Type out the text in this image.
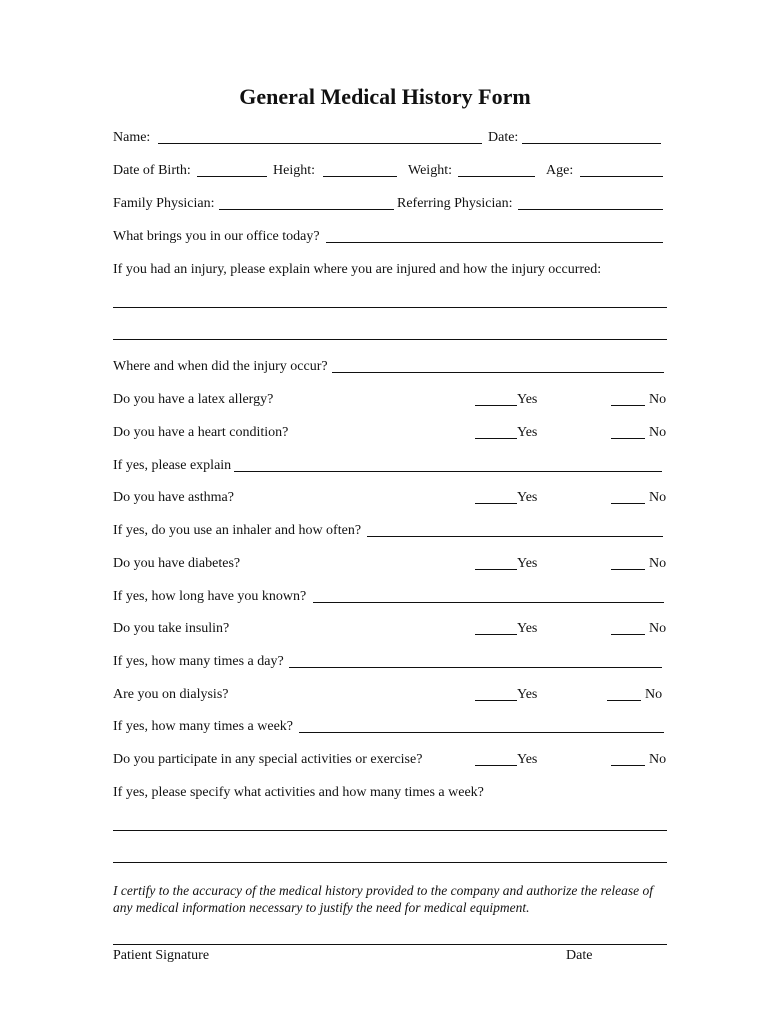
General Medical History Form
Name:	Date:
Date of Birth:	Height:	Weight:	Age:
Family Physician:	Referring Physician:
What brings you in our office today?
If you had an injury, please explain where you are injured and how the injury occurred:
Where and when did the injury occur?
Do you have a latex allergy?	Yes	No
Do you have a heart condition?	Yes	No
If yes, please explain
Do you have asthma?	Yes	No
If yes, do you use an inhaler and how often?
Do you have diabetes?	Yes	No
If yes, how long have you known?
Do you take insulin?	Yes	No
If yes, how many times a day?
Are you on dialysis?	Yes	No
If yes, how many times a week?
Do you participate in any special activities or exercise?	Yes	No
If yes, please specify what activities and how many times a week?
I certify to the accuracy of the medical history provided to the company and authorize the release of any medical information necessary to justify the need for medical equipment.
Patient Signature	Date
